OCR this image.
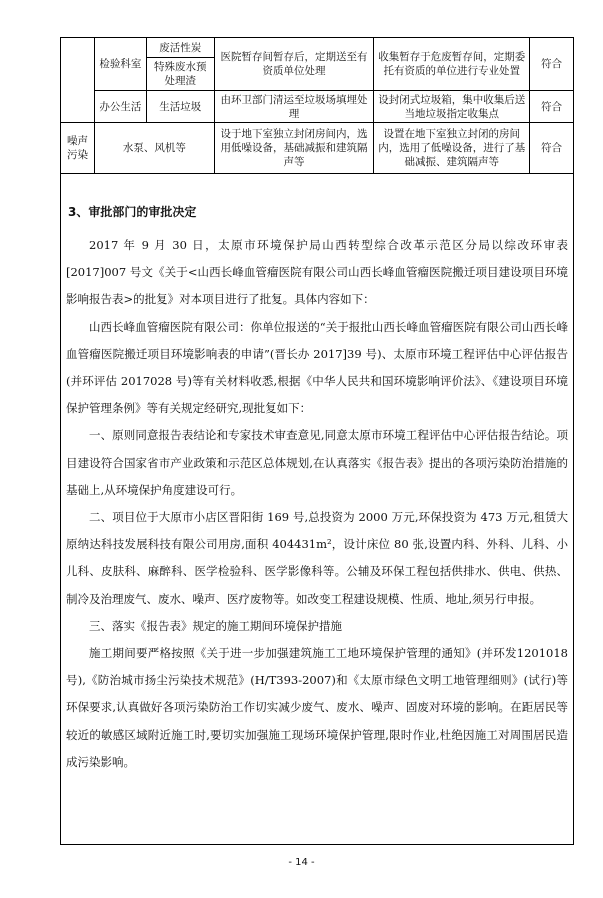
	检验科室	废活性炭	医院暂存间暂存后，定期送至有资质单位处理	收集暂存于危废暂存间，定期委托有资质的单位进行专业处置	符合
		特殊废水预处理渣			
	办公生活	生活垃圾	由环卫部门清运至垃圾场填埋处理	设封闭式垃圾箱，集中收集后送当地垃圾指定收集点	符合
噪声污染	水泵、风机等		设于地下室独立封闭房间内，选用低噪设备，基础减振和建筑隔声等	设置在地下室独立封闭的房间内，选用了低噪设备，进行了基础减振、建筑隔声等	符合
3、审批部门的审批决定

2017 年 9 月 30 日，太原市环境保护局山西转型综合改革示范区分局以综改环审表[2017]007 号文《关于<山西长峰血管瘤医院有限公司山西长峰血管瘤医院搬迁项目建设项目环境影响报告表>的批复》对本项目进行了批复。具体内容如下：

山西长峰血管瘤医院有限公司：你单位报送的“关于报批山西长峰血管瘤医院有限公司山西长峰血管瘤医院搬迁项目环境影响表的申请”(晋长办 2017]39 号)、太原市环境工程评估中心评估报告(并环评估 2017028 号)等有关材料收悉,根据《中华人民共和国环境影响评价法》、《建设项目环境保护管理条例》等有关规定经研究,现批复如下：

一、原则同意报告表结论和专家技术审查意见,同意太原市环境工程评估中心评估报告结论。项目建设符合国家省市产业政策和示范区总体规划,在认真落实《报告表》提出的各项污染防治措施的基础上,从环境保护角度建设可行。

二、项目位于大原市小店区晋阳街 169 号,总投资为 2000 万元,环保投资为 473 万元,租赁大原纳达科技发展科技有限公司用房,面积 404431m²，设计床位 80 张,设置内科、外科、儿科、小儿科、皮肤科、麻醉科、医学检验科、医学影像科等。公辅及环保工程包括供排水、供电、供热、制冷及治理废气、废水、噪声、医疗废物等。如改变工程建设规模、性质、地址,须另行申报。

三、落实《报告表》规定的施工期间环境保护措施

施工期间要严格按照《关于进一步加强建筑施工工地环境保护管理的通知》(并环发1201018 号),《防治城市扬尘污染技术规范》(H/T393-2007)和《太原市绿色文明工地管理细则》(试行)等环保要求,认真做好各项污染防治工作切实减少废气、废水、噪声、固废对环境的影响。在距居民等较近的敏感区域附近施工时,要切实加强施工现场环境保护管理,限时作业,杜绝因施工对周围居民造成污染影响。

- 14 -
